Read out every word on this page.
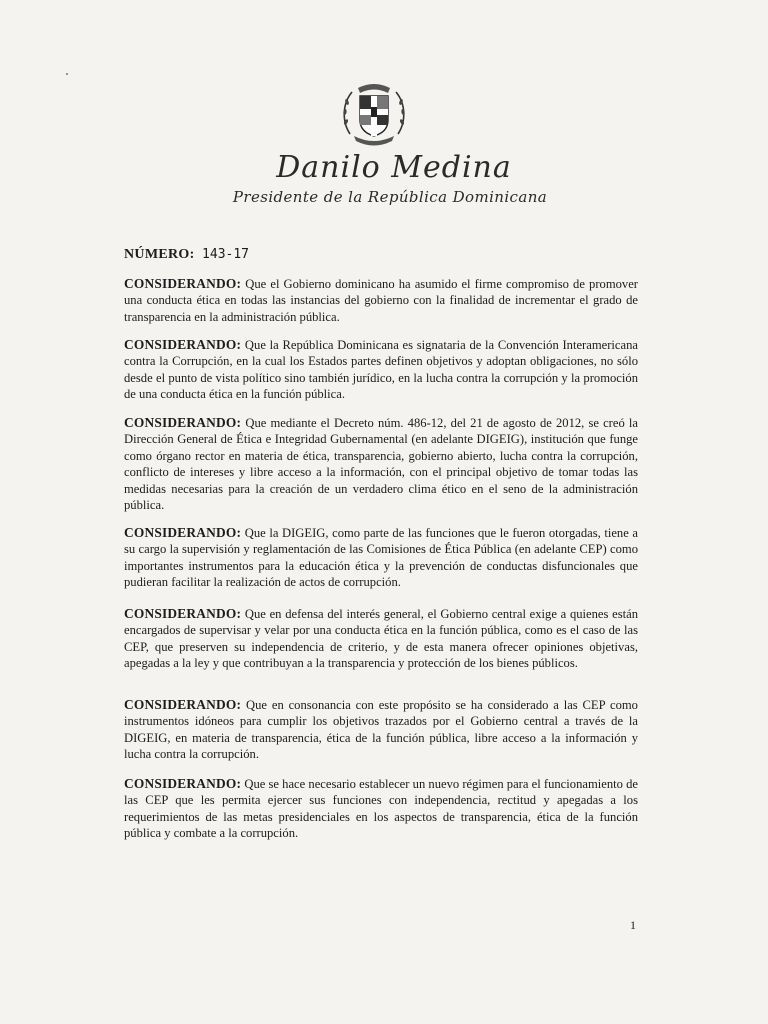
Danilo Medina
Presidente de la República Dominicana
NÚMERO: 143-17
CONSIDERANDO: Que el Gobierno dominicano ha asumido el firme compromiso de promover una conducta ética en todas las instancias del gobierno con la finalidad de incrementar el grado de transparencia en la administración pública.
CONSIDERANDO: Que la República Dominicana es signataria de la Convención Interamericana contra la Corrupción, en la cual los Estados partes definen objetivos y adoptan obligaciones, no sólo desde el punto de vista político sino también jurídico, en la lucha contra la corrupción y la promoción de una conducta ética en la función pública.
CONSIDERANDO: Que mediante el Decreto núm. 486-12, del 21 de agosto de 2012, se creó la Dirección General de Ética e Integridad Gubernamental (en adelante DIGEIG), institución que funge como órgano rector en materia de ética, transparencia, gobierno abierto, lucha contra la corrupción, conflicto de intereses y libre acceso a la información, con el principal objetivo de tomar todas las medidas necesarias para la creación de un verdadero clima ético en el seno de la administración pública.
CONSIDERANDO: Que la DIGEIG, como parte de las funciones que le fueron otorgadas, tiene a su cargo la supervisión y reglamentación de las Comisiones de Ética Pública (en adelante CEP) como importantes instrumentos para la educación ética y la prevención de conductas disfuncionales que pudieran facilitar la realización de actos de corrupción.
CONSIDERANDO: Que en defensa del interés general, el Gobierno central exige a quienes están encargados de supervisar y velar por una conducta ética en la función pública, como es el caso de las CEP, que preserven su independencia de criterio, y de esta manera ofrecer opiniones objetivas, apegadas a la ley y que contribuyan a la transparencia y protección de los bienes públicos.
CONSIDERANDO: Que en consonancia con este propósito se ha considerado a las CEP como instrumentos idóneos para cumplir los objetivos trazados por el Gobierno central a través de la DIGEIG, en materia de transparencia, ética de la función pública, libre acceso a la información y lucha contra la corrupción.
CONSIDERANDO: Que se hace necesario establecer un nuevo régimen para el funcionamiento de las CEP que les permita ejercer sus funciones con independencia, rectitud y apegadas a los requerimientos de las metas presidenciales en los aspectos de transparencia, ética de la función pública y combate a la corrupción.
1
